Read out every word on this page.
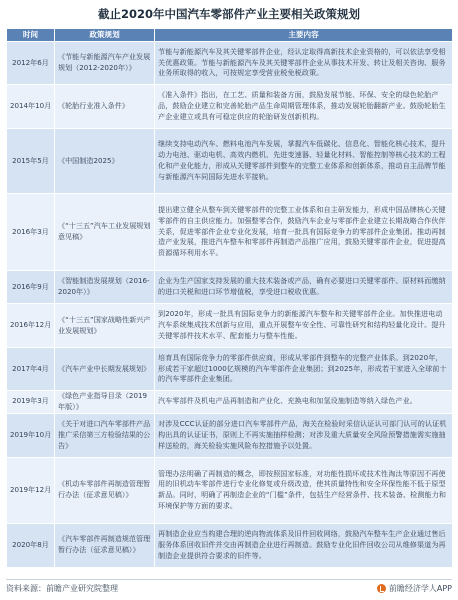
截止2020年中国汽车零部件产业主要相关政策规划
时间	政策规划	主要内容
2012年6月	《节能与新能源汽车产业发展规划（2012-2020年）》	节能与新能源汽车及其关键零部件企业，经认定取得高新技术企业资格的，可以依法享受相关优惠政策。节能与新能源汽车及其关键零部件企业从事技术开发、转让及相关咨询、服务业务所取得的收入，可按规定享受营业税免税政策。
2014年10月	《轮胎行业准入条件》	《准入条件》指出，在工艺、质量和装备方面，鼓励发展节能、环保、安全的绿色轮胎产品，鼓励企业建立和完善轮胎产品生命周期管理体系，推动发展轮胎翻新产业。鼓励轮胎生产企业建立或具有可稳定供应的轮胎研发创新机构。
2015年5月	《中国制造2025》	继续支持电动汽车、燃料电池汽车发展，掌握汽车低碳化、信息化、智能化核心技术，提升动力电池、驱动电机、高效内燃机、先进变速器、轻量化材料、智能控制等核心技术的工程化和产业化能力，形成从关键零部件到整车的完整工业体系和创新体系，推动自主品牌节能与新能源汽车同国际先进水平接轨。
2016年3月	《“十三五”汽车工业发展规划意见稿》	提出建立健全从整车到关键零部件的完整工业体系和自主研发能力，形成中国品牌核心关键零部件的自主供应能力。加强整零合作，鼓励汽车企业与零部件企业建立长期战略合作伙伴关系，促进零部件企业专业化发展，培育一批具有国际竞争力的零部件企业集团。推动再制造产业发展，推进汽车整车和零部件再制造产品推广应用，鼓励关键零部件企业，促进提高资源循环利用水平。
2016年9月	《智能制造发展规划（2016-2020年）》	企业为生产国家支持发展的重大技术装备或产品，确有必要进口关键零部件、原材料而缴纳的进口关税和进口环节增值税，享受进口税收优惠。
2016年12月	《“十三五”国家战略性新兴产业发展规划》	到2020年，形成一批具有国际竞争力的新能源汽车整车和关键零部件企业。加快推进电动汽车系统集成技术创新与应用，重点开展整车安全性、可靠性研究和结构轻量化设计。提升关键零部件技术水平、配套能力与整车性能。
2017年4月	《汽车产业中长期发展规划》	培育具有国际竞争力的零部件供应商，形成从零部件到整车的完整产业体系。到2020年，形成若干家超过1000亿规模的汽车零部件企业集团；到2025年，形成若干家进入全球前十的汽车零部件企业集团。
2019年3月	《绿色产业指导目录（2019年版）》	汽车零部件及机电产品再制造和产业化、充换电和加氢设施制造等纳入绿色产业。
2019年10月	《关于对进口汽车零部件产品推广采信第三方检验结果的公告》	对涉及CCC认证的部分进口汽车零部件产品，海关在检验时采信认证认可部门认可的认证机构出具的认证证书，原则上不再实施抽样检测；对涉及重大质量安全风险预警措施需实施抽样送检的，海关检验实施风险布控措施予以处置。
2019年12月	《机动车零部件再制造管理暂行办法（征求意见稿）》	管理办法明确了再制造的概念，即按照国家标准，对功能性损坏或技术性淘汰等原因不再使用的旧机动车零部件进行专业化修复或升级改造，使其质量特性和安全环保性能不低于原型新品。同时，明确了再制造企业的“门槛”条件，包括生产经营条件、技术装备、检测能力和环境保护等方面的要求。
2020年8月	《汽车零部件再制造规范管理暂行办法（征求意见稿）》	再制造企业应当构建合理的逆向物流体系及旧件回收网络，鼓励汽车整车生产企业通过售后服务体系回收旧件并交由再制造企业进行再制造。鼓励专业化旧件回收公司从维修渠道为再制造企业提供符合要求的旧件等。
资料来源：前瞻产业研究院整理	前瞻经济学人APP
